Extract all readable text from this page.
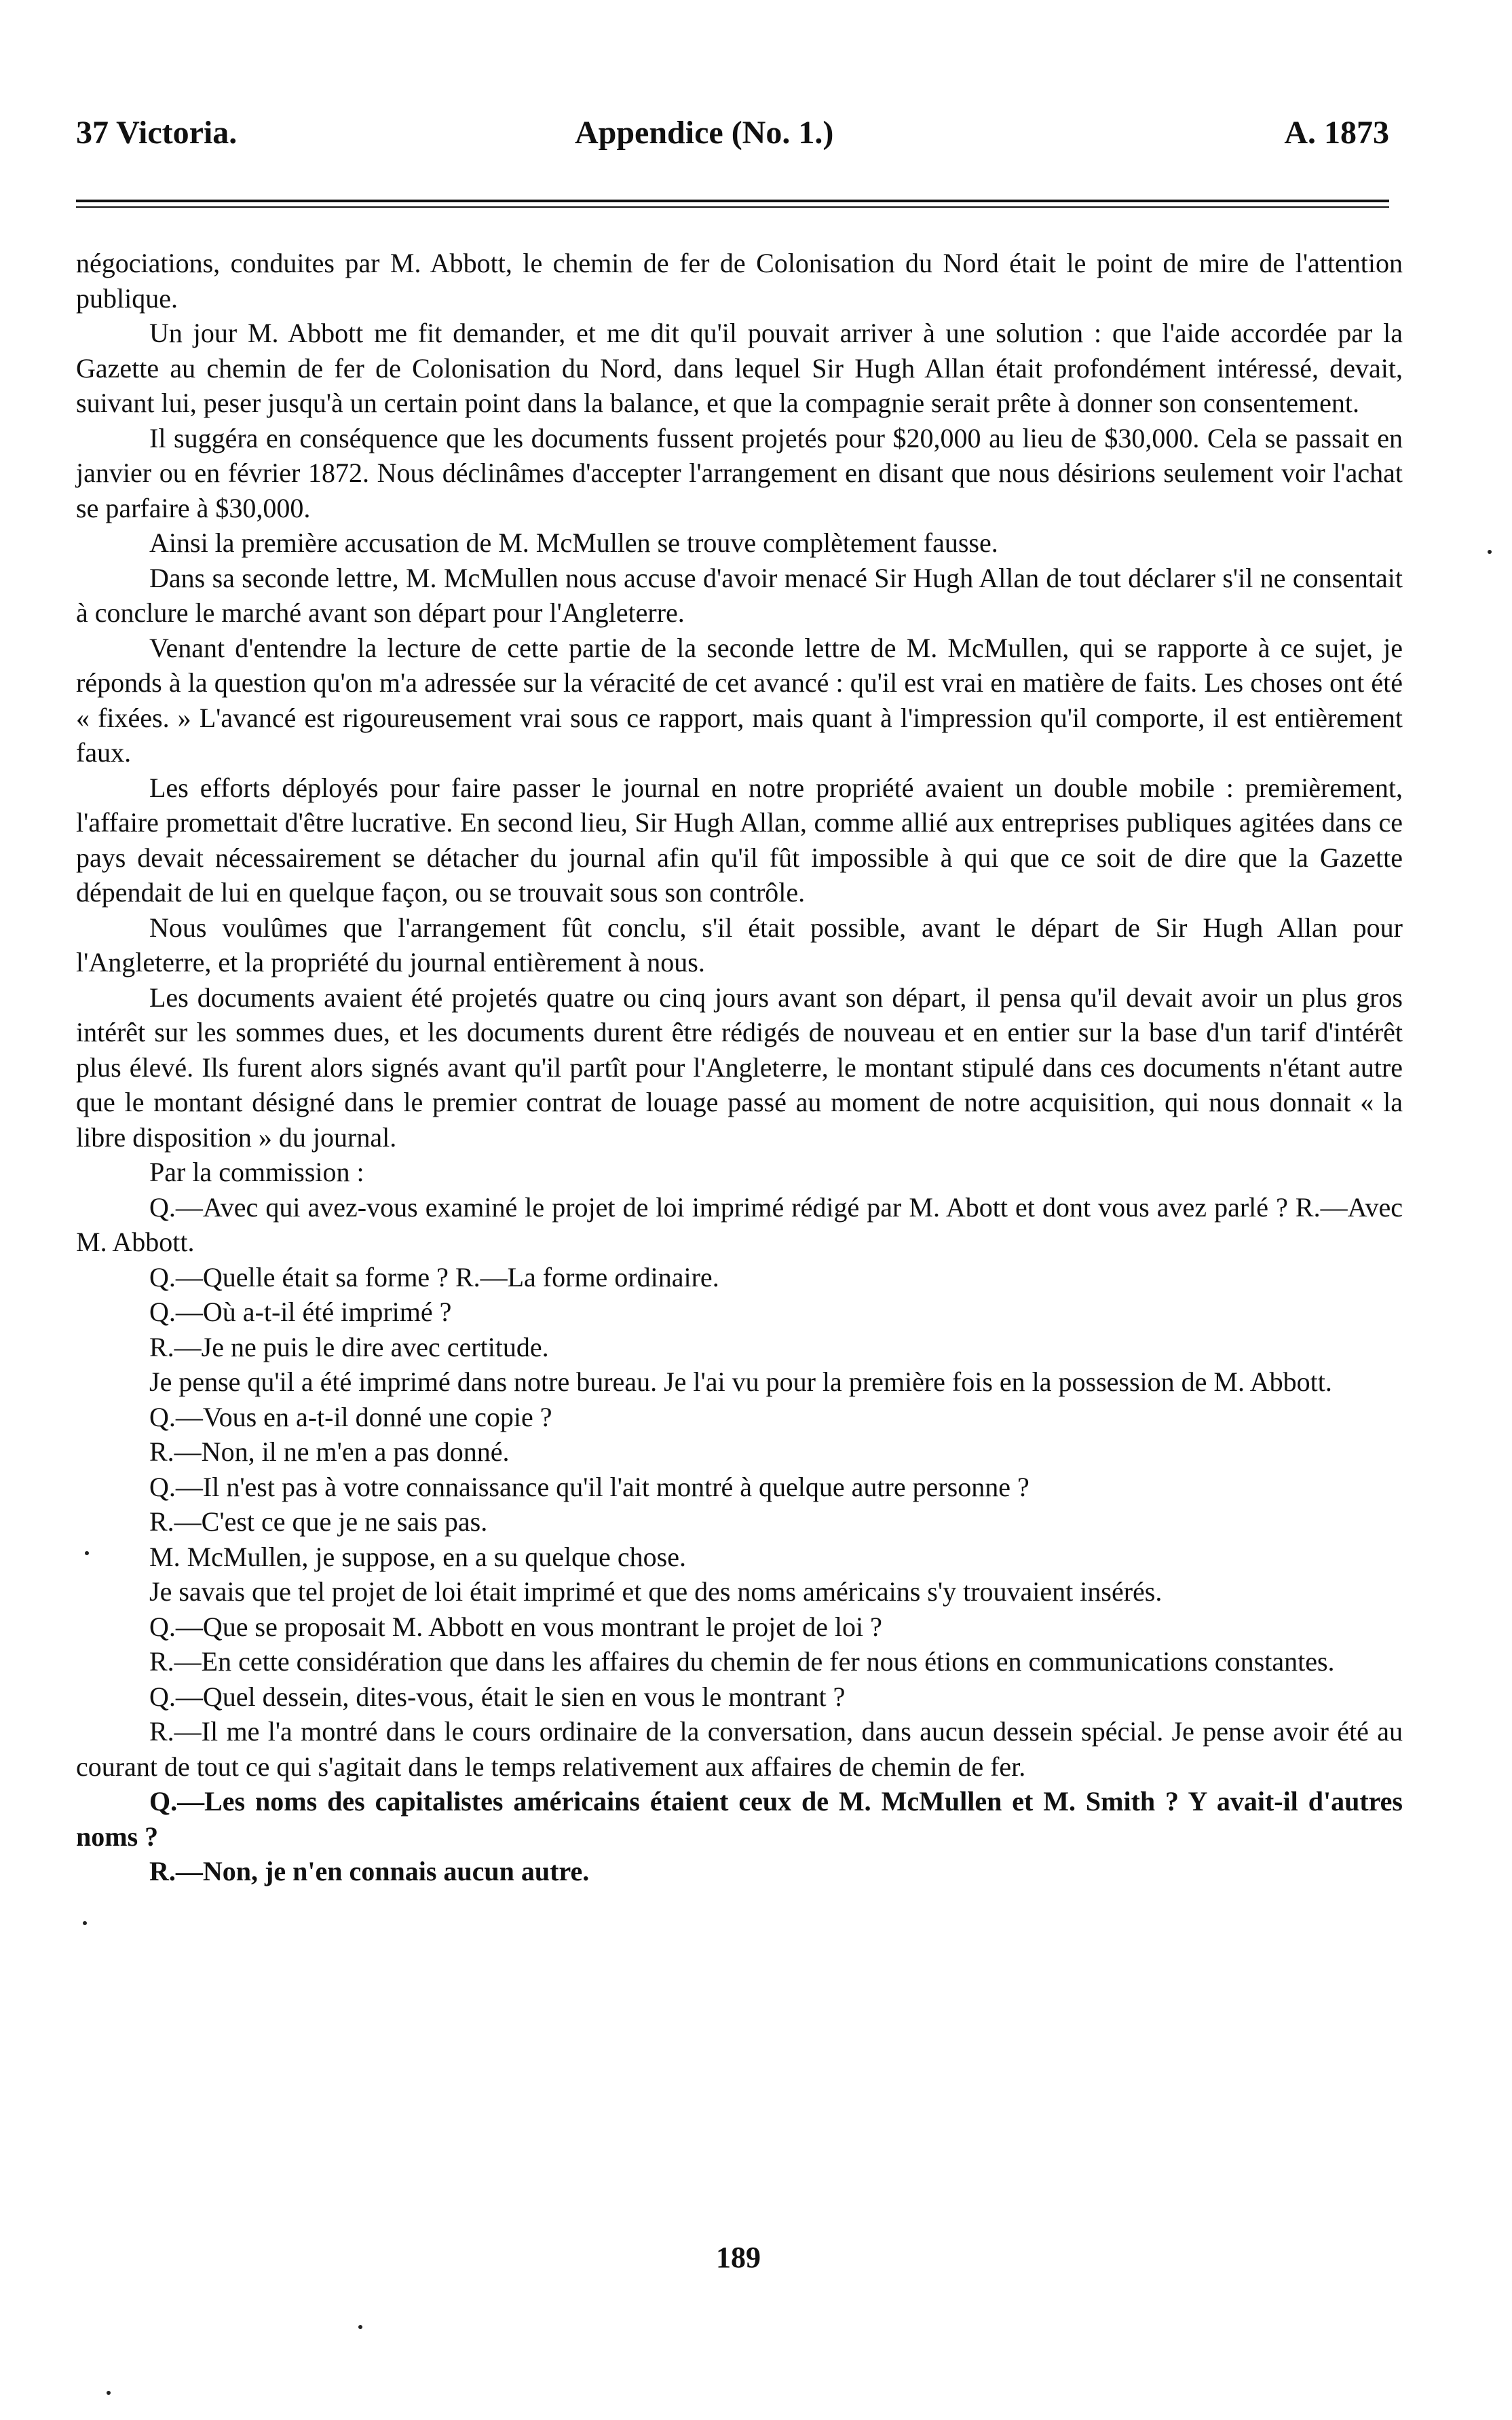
37 Victoria.	Appendice (No. 1.)	A. 1873

négociations, conduites par M. Abbott, le chemin de fer de Colonisation du Nord était le point de mire de l'attention publique.

Un jour M. Abbott me fit demander, et me dit qu'il pouvait arriver à une solution : que l'aide accordée par la Gazette au chemin de fer de Colonisation du Nord, dans lequel Sir Hugh Allan était profondément intéressé, devait, suivant lui, peser jusqu'à un certain point dans la balance, et que la compagnie serait prête à donner son consentement.

Il suggéra en conséquence que les documents fussent projetés pour $20,000 au lieu de $30,000. Cela se passait en janvier ou en février 1872. Nous déclinâmes d'accepter l'arrangement en disant que nous désirions seulement voir l'achat se parfaire à $30,000.

Ainsi la première accusation de M. McMullen se trouve complètement fausse.

Dans sa seconde lettre, M. McMullen nous accuse d'avoir menacé Sir Hugh Allan de tout déclarer s'il ne consentait à conclure le marché avant son départ pour l'Angleterre.

Venant d'entendre la lecture de cette partie de la seconde lettre de M. McMullen, qui se rapporte à ce sujet, je réponds à la question qu'on m'a adressée sur la véracité de cet avancé : qu'il est vrai en matière de faits. Les choses ont été « fixées. » L'avancé est rigoureusement vrai sous ce rapport, mais quant à l'impression qu'il comporte, il est entièrement faux.

Les efforts déployés pour faire passer le journal en notre propriété avaient un double mobile : premièrement, l'affaire promettait d'être lucrative. En second lieu, Sir Hugh Allan, comme allié aux entreprises publiques agitées dans ce pays devait nécessairement se détacher du journal afin qu'il fût impossible à qui que ce soit de dire que la Gazette dépendait de lui en quelque façon, ou se trouvait sous son contrôle.

Nous voulûmes que l'arrangement fût conclu, s'il était possible, avant le départ de Sir Hugh Allan pour l'Angleterre, et la propriété du journal entièrement à nous.

Les documents avaient été projetés quatre ou cinq jours avant son départ, il pensa qu'il devait avoir un plus gros intérêt sur les sommes dues, et les documents durent être rédigés de nouveau et en entier sur la base d'un tarif d'intérêt plus élevé. Ils furent alors signés avant qu'il partît pour l'Angleterre, le montant stipulé dans ces documents n'étant autre que le montant désigné dans le premier contrat de louage passé au moment de notre acquisition, qui nous donnait « la libre disposition » du journal.

Par la commission :

Q.—Avec qui avez-vous examiné le projet de loi imprimé rédigé par M. Abott et dont vous avez parlé ? R.—Avec M. Abbott.

Q.—Quelle était sa forme ? R.—La forme ordinaire.

Q.—Où a-t-il été imprimé ?

R.—Je ne puis le dire avec certitude.

Je pense qu'il a été imprimé dans notre bureau. Je l'ai vu pour la première fois en la possession de M. Abbott.

Q.—Vous en a-t-il donné une copie ?

R.—Non, il ne m'en a pas donné.

Q.—Il n'est pas à votre connaissance qu'il l'ait montré à quelque autre personne ?

R.—C'est ce que je ne sais pas.

M. McMullen, je suppose, en a su quelque chose.

Je savais que tel projet de loi était imprimé et que des noms américains s'y trouvaient insérés.

Q.—Que se proposait M. Abbott en vous montrant le projet de loi ?

R.—En cette considération que dans les affaires du chemin de fer nous étions en communications constantes.

Q.—Quel dessein, dites-vous, était le sien en vous le montrant ?

R.—Il me l'a montré dans le cours ordinaire de la conversation, dans aucun dessein spécial. Je pense avoir été au courant de tout ce qui s'agitait dans le temps relativement aux affaires de chemin de fer.

Q.—Les noms des capitalistes américains étaient ceux de M. McMullen et M. Smith ? Y avait-il d'autres noms ?

R.—Non, je n'en connais aucun autre.

189
